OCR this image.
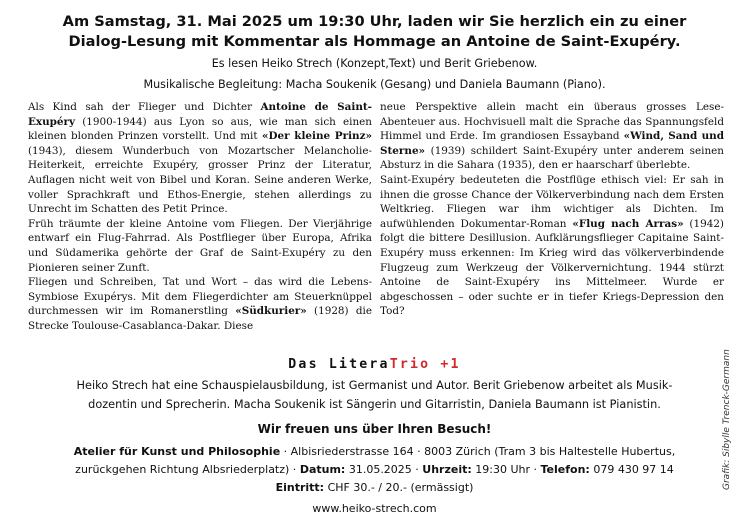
Am Samstag, 31. Mai 2025 um 19:30 Uhr, laden wir Sie herzlich ein zu einer

Dialog-Lesung mit Kommentar als Hommage an Antoine de Saint-Exupéry.

Es lesen Heiko Strech (Konzept,Text) und Berit Griebenow.

Musikalische Begleitung: Macha Soukenik (Gesang) und Daniela Baumann (Piano).

Als Kind sah der Flieger und Dichter Antoine de Saint-Exupéry (1900-1944) aus Lyon so aus, wie man sich einen kleinen blonden Prinzen vorstellt. Und mit «Der kleine Prinz» (1943), diesem Wunderbuch von Mozartscher Melancholie-Heiterkeit, erreichte Exupéry, grosser Prinz der Literatur, Auflagen nicht weit von Bibel und Koran. Seine anderen Werke, voller Sprachkraft und Ethos-Energie, stehen allerdings zu Unrecht im Schatten des Petit Prince.

Früh träumte der kleine Antoine vom Fliegen. Der Vierjährige entwarf ein Flug-Fahrrad. Als Postflieger über Europa, Afrika und Südamerika gehörte der Graf de Saint-Exupéry zu den Pionieren seiner Zunft.

Fliegen und Schreiben, Tat und Wort – das wird die Lebens-Symbiose Exupérys. Mit dem Fliegerdichter am Steuerknüppel durchmessen wir im Romanerstling «Südkurier» (1928) die Strecke Toulouse-Casablanca-Dakar. Diese

neue Perspektive allein macht ein überaus grosses Lese-Abenteuer aus. Hochvisuell malt die Sprache das Spannungsfeld Himmel und Erde. Im grandiosen Essayband «Wind, Sand und Sterne» (1939) schildert Saint-Exupéry unter anderem seinen Absturz in die Sahara (1935), den er haarscharf überlebte.

Saint-Exupéry bedeuteten die Postflüge ethisch viel: Er sah in ihnen die grosse Chance der Völkerverbindung nach dem Ersten Weltkrieg. Fliegen war ihm wichtiger als Dichten. Im aufwühlenden Dokumentar-Roman «Flug nach Arras» (1942) folgt die bittere Desillusion. Aufklärungsflieger Capitaine Saint-Exupéry muss erkennen: Im Krieg wird das völkerverbindende Flugzeug zum Werkzeug der Völkervernichtung. 1944 stürzt Antoine de Saint-Exupéry ins Mittelmeer. Wurde er abgeschossen – oder suchte er in tiefer Kriegs-Depression den Tod?

Das LiteraTrio +1

Heiko Strech hat eine Schauspielausbildung, ist Germanist und Autor. Berit Griebenow arbeitet als Musik-

dozentin und Sprecherin. Macha Soukenik ist Sängerin und Gitarristin, Daniela Baumann ist Pianistin.

Wir freuen uns über Ihren Besuch!

Atelier für Kunst und Philosophie · Albisriederstrasse 164 · 8003 Zürich (Tram 3 bis Haltestelle Hubertus,

zurückgehen Richtung Albsriederplatz) · Datum: 31.05.2025 · Uhrzeit: 19:30 Uhr · Telefon: 079 430 97 14

Eintritt: CHF 30.- / 20.- (ermässigt)

www.heiko-strech.com

Grafik: Sibylle Trenck-Germann
